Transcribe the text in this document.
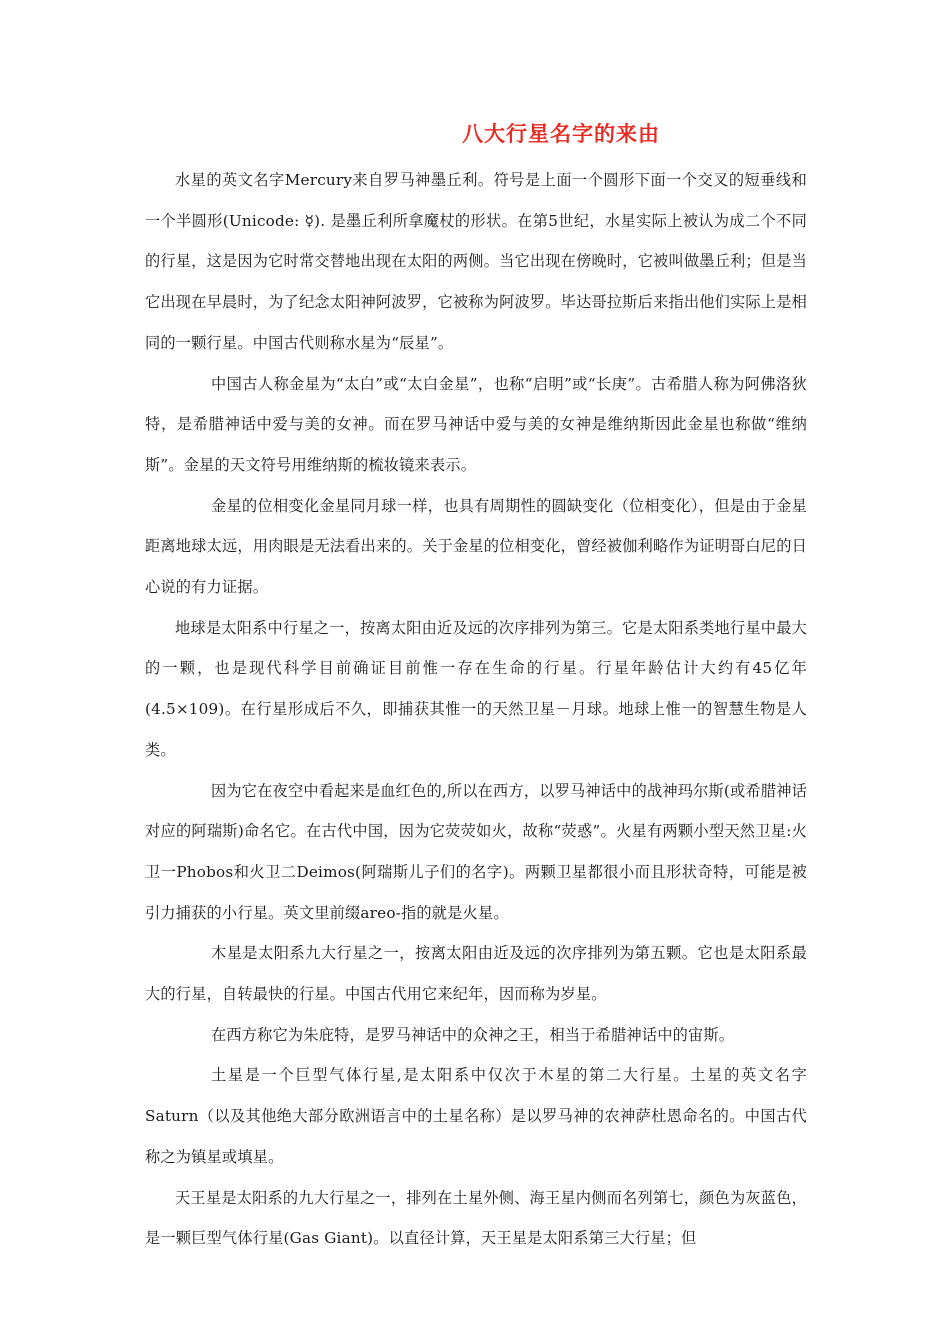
八大行星名字的来由

水星的英文名字Mercury来自罗马神墨丘利。符号是上面一个圆形下面一个交叉的短垂线和一个半圆形(Unicode: ☿). 是墨丘利所拿魔杖的形状。在第5世纪，水星实际上被认为成二个不同的行星，这是因为它时常交替地出现在太阳的两侧。当它出现在傍晚时，它被叫做墨丘利；但是当它出现在早晨时，为了纪念太阳神阿波罗，它被称为阿波罗。毕达哥拉斯后来指出他们实际上是相同的一颗行星。中国古代则称水星为“辰星”。

中国古人称金星为“太白”或“太白金星”，也称“启明”或“长庚”。古希腊人称为阿佛洛狄特，是希腊神话中爱与美的女神。而在罗马神话中爱与美的女神是维纳斯因此金星也称做“维纳斯”。金星的天文符号用维纳斯的梳妆镜来表示。

金星的位相变化金星同月球一样，也具有周期性的圆缺变化（位相变化），但是由于金星距离地球太远，用肉眼是无法看出来的。关于金星的位相变化，曾经被伽利略作为证明哥白尼的日心说的有力证据。

地球是太阳系中行星之一，按离太阳由近及远的次序排列为第三。它是太阳系类地行星中最大的一颗，也是现代科学目前确证目前惟一存在生命的行星。行星年龄估计大约有45亿年(4.5×109)。在行星形成后不久，即捕获其惟一的天然卫星－月球。地球上惟一的智慧生物是人类。

因为它在夜空中看起来是血红色的,所以在西方，以罗马神话中的战神玛尔斯(或希腊神话对应的阿瑞斯)命名它。在古代中国，因为它荧荧如火，故称“荧惑”。火星有两颗小型天然卫星:火卫一Phobos和火卫二Deimos(阿瑞斯儿子们的名字)。两颗卫星都很小而且形状奇特，可能是被引力捕获的小行星。英文里前缀areo-指的就是火星。

木星是太阳系九大行星之一，按离太阳由近及远的次序排列为第五颗。它也是太阳系最大的行星，自转最快的行星。中国古代用它来纪年，因而称为岁星。

在西方称它为朱庇特，是罗马神话中的众神之王，相当于希腊神话中的宙斯。

土星是一个巨型气体行星,是太阳系中仅次于木星的第二大行星。土星的英文名字Saturn（以及其他绝大部分欧洲语言中的土星名称）是以罗马神的农神萨杜恩命名的。中国古代称之为镇星或填星。

天王星是太阳系的九大行星之一，排列在土星外侧、海王星内侧而名列第七，颜色为灰蓝色，是一颗巨型气体行星(Gas Giant)。以直径计算，天王星是太阳系第三大行星；但
